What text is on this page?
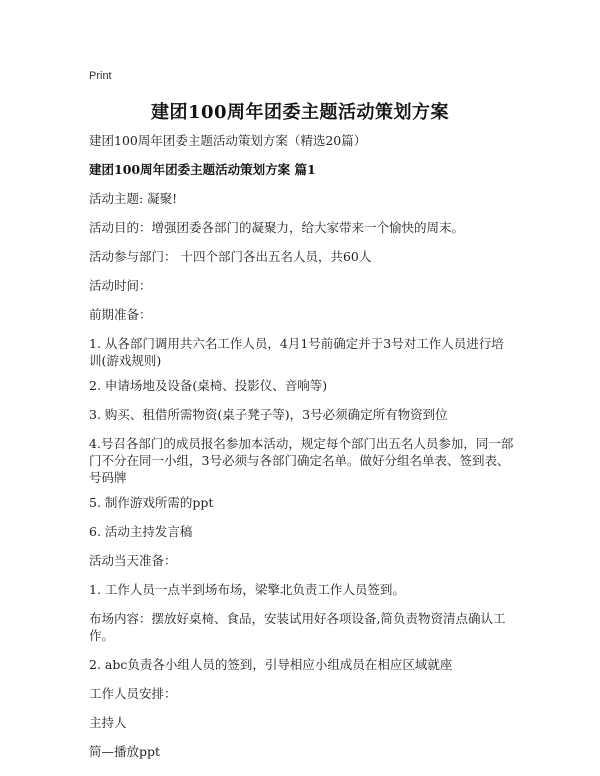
Print
建团100周年团委主题活动策划方案

建团100周年团委主题活动策划方案（精选20篇）

建团100周年团委主题活动策划方案 篇1

活动主题: 凝聚!

活动目的：增强团委各部门的凝聚力，给大家带来一个愉快的周末。

活动参与部门： 十四个部门各出五名人员，共60人

活动时间：

前期准备：

1. 从各部门调用共六名工作人员，4月1号前确定并于3号对工作人员进行培训(游戏规则)

2. 申请场地及设备(桌椅、投影仪、音响等)

3. 购买、租借所需物资(桌子凳子等)，3号必须确定所有物资到位

4.号召各部门的成员报名参加本活动，规定每个部门出五名人员参加，同一部门不分在同一小组，3号必须与各部门确定名单。做好分组名单表、签到表、号码牌

5. 制作游戏所需的ppt

6. 活动主持发言稿

活动当天准备：

1. 工作人员一点半到场布场，梁擎北负责工作人员签到。

布场内容：摆放好桌椅、食品，安装试用好各项设备,简负责物资清点确认工作。

2. abc负责各小组人员的签到，引导相应小组成员在相应区域就座

工作人员安排：

主持人

简—播放ppt
